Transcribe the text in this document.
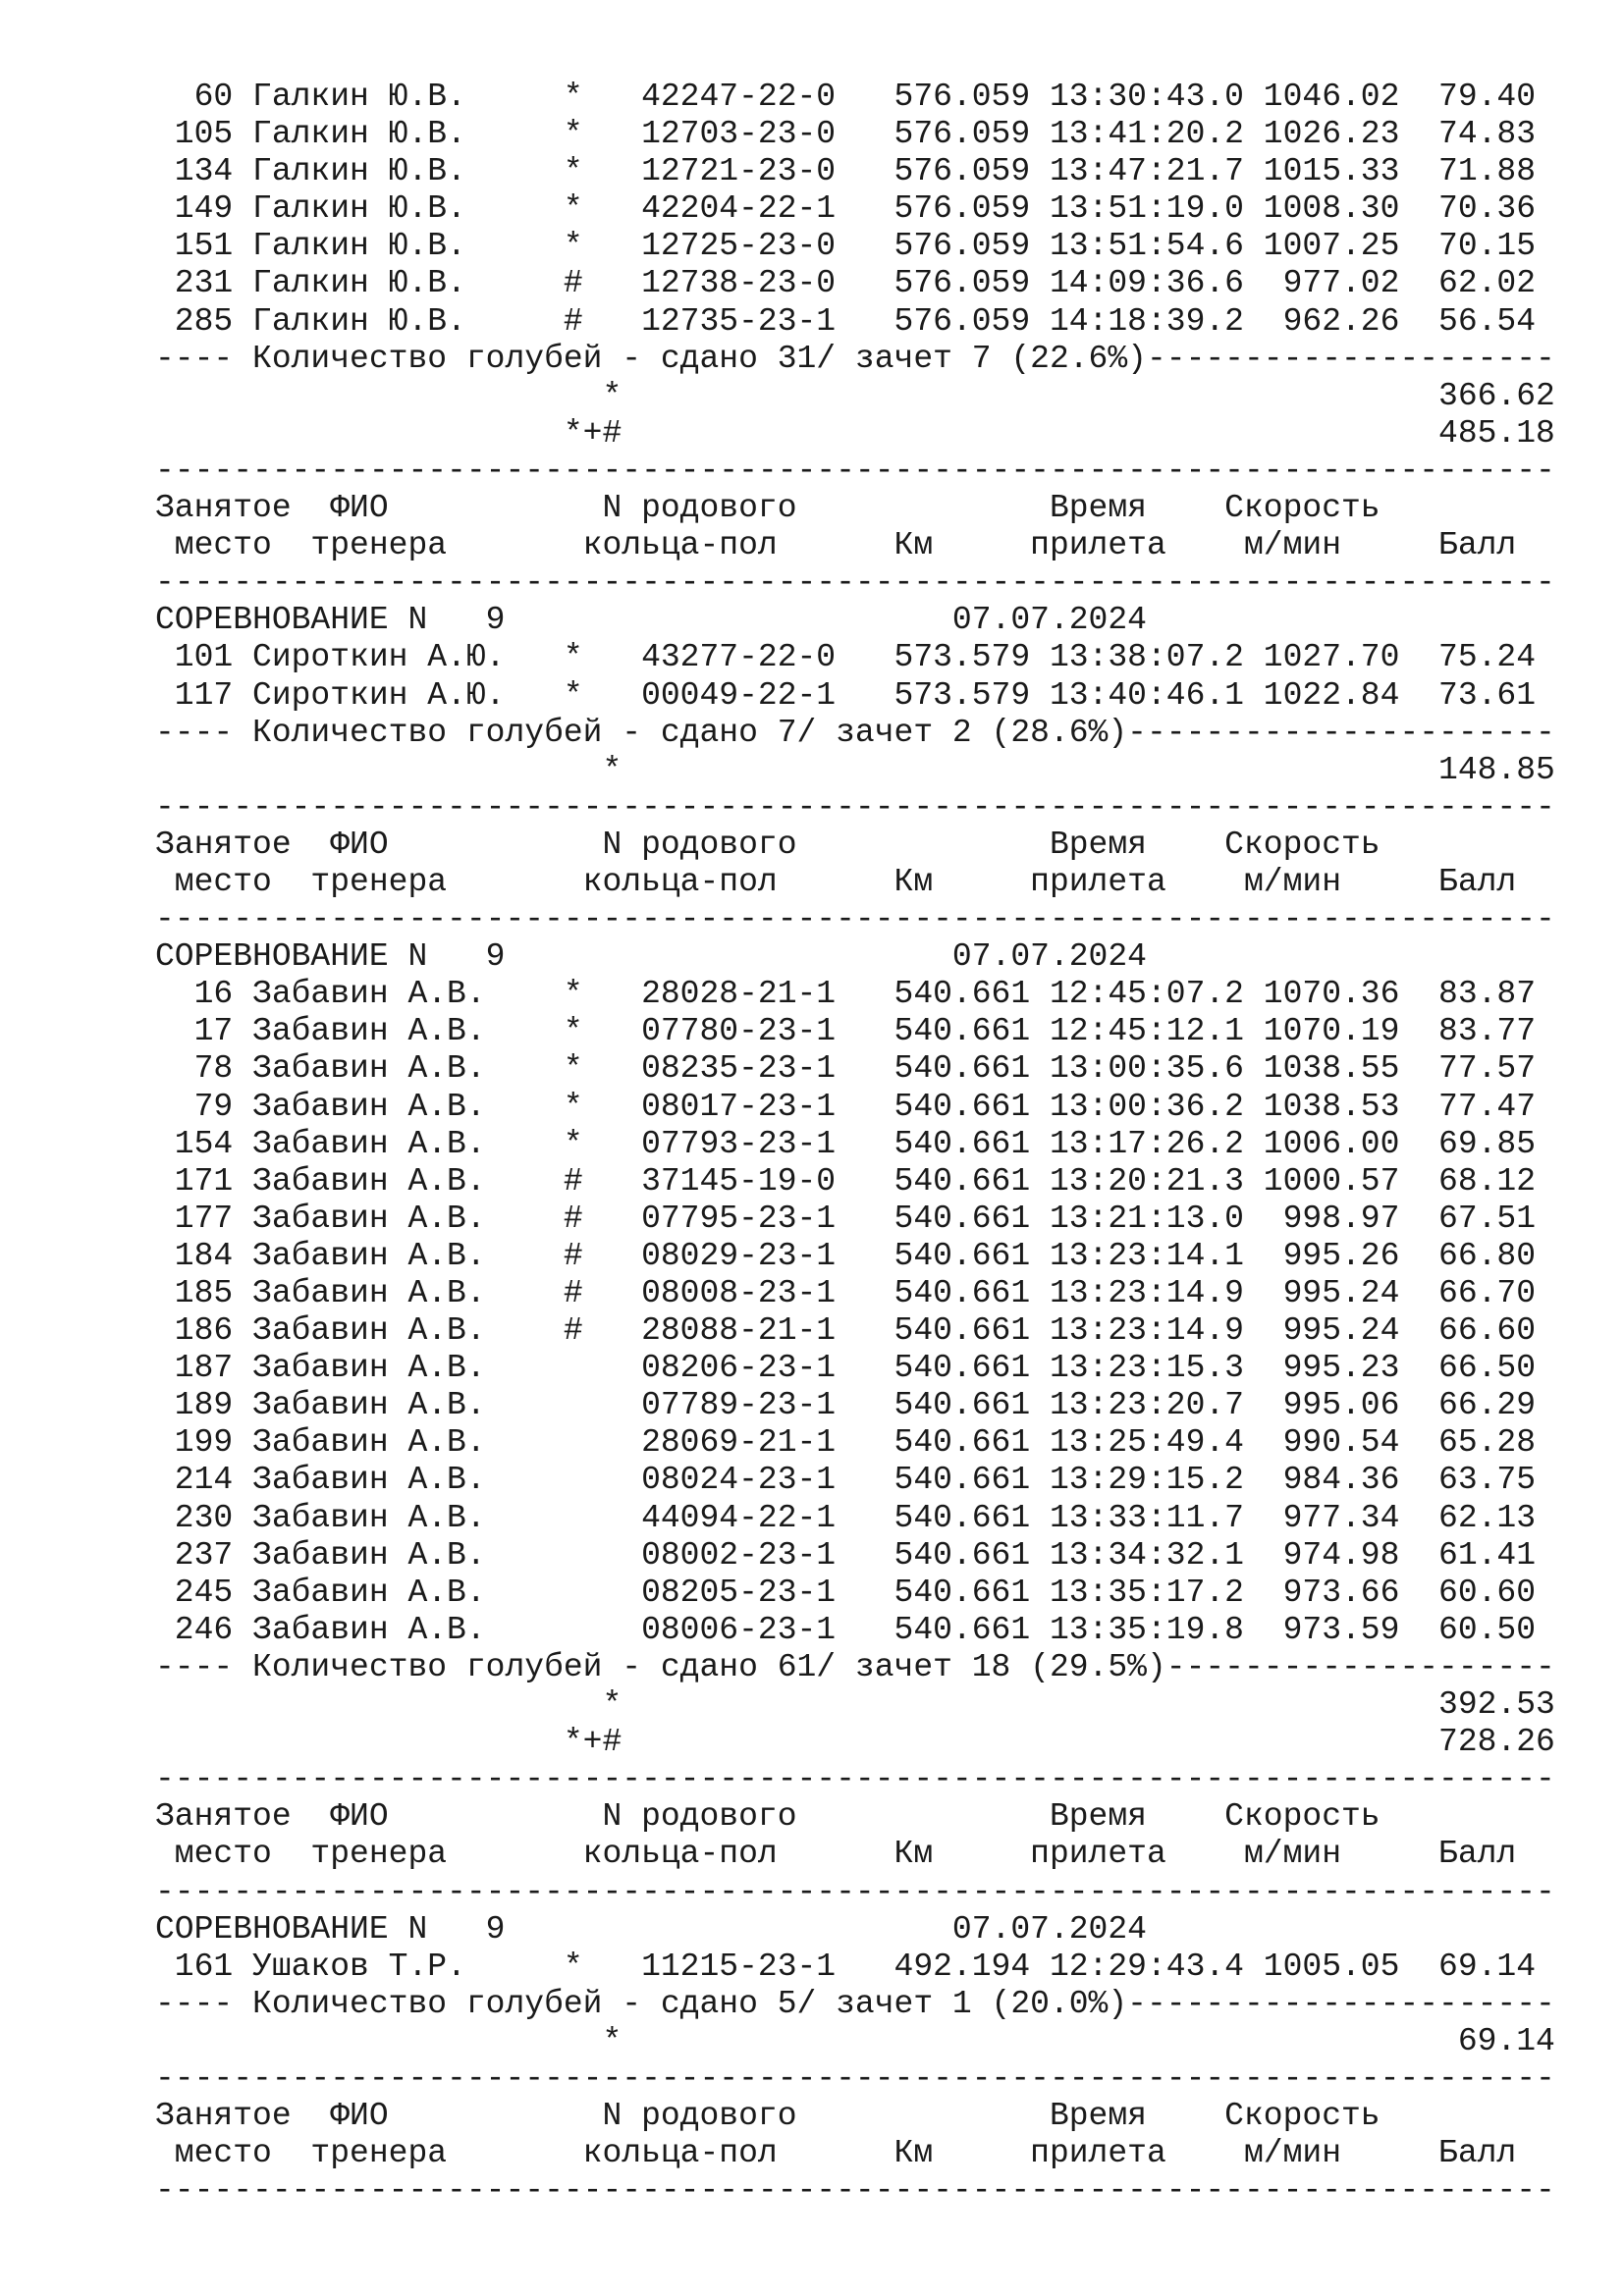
60 Галкин Ю.В.     *   42247-22-0   576.059 13:30:43.0 1046.02  79.40
105 Галкин Ю.В.     *   12703-23-0   576.059 13:41:20.2 1026.23  74.83
134 Галкин Ю.В.     *   12721-23-0   576.059 13:47:21.7 1015.33  71.88
149 Галкин Ю.В.     *   42204-22-1   576.059 13:51:19.0 1008.30  70.36
151 Галкин Ю.В.     *   12725-23-0   576.059 13:51:54.6 1007.25  70.15
231 Галкин Ю.В.     #   12738-23-0   576.059 14:09:36.6  977.02  62.02
285 Галкин Ю.В.     #   12735-23-1   576.059 14:18:39.2  962.26  56.54
---- Количество голубей - сдано 31/ зачет 7 (22.6%)---------------------
*                                          366.62
*+#                                          485.18
------------------------------------------------------------------------
Занятое  ФИО           N родового             Время    Скорость
место  тренера       кольца-пол      Км     прилета    м/мин     Балл
------------------------------------------------------------------------
СОРЕВНОВАНИЕ N   9                       07.07.2024
101 Сироткин А.Ю.   *   43277-22-0   573.579 13:38:07.2 1027.70  75.24
117 Сироткин А.Ю.   *   00049-22-1   573.579 13:40:46.1 1022.84  73.61
---- Количество голубей - сдано 7/ зачет 2 (28.6%)----------------------
*                                          148.85
------------------------------------------------------------------------
Занятое  ФИО           N родового             Время    Скорость
место  тренера       кольца-пол      Км     прилета    м/мин     Балл
------------------------------------------------------------------------
СОРЕВНОВАНИЕ N   9                       07.07.2024
16 Забавин А.В.    *   28028-21-1   540.661 12:45:07.2 1070.36  83.87
17 Забавин А.В.    *   07780-23-1   540.661 12:45:12.1 1070.19  83.77
78 Забавин А.В.    *   08235-23-1   540.661 13:00:35.6 1038.55  77.57
79 Забавин А.В.    *   08017-23-1   540.661 13:00:36.2 1038.53  77.47
154 Забавин А.В.    *   07793-23-1   540.661 13:17:26.2 1006.00  69.85
171 Забавин А.В.    #   37145-19-0   540.661 13:20:21.3 1000.57  68.12
177 Забавин А.В.    #   07795-23-1   540.661 13:21:13.0  998.97  67.51
184 Забавин А.В.    #   08029-23-1   540.661 13:23:14.1  995.26  66.80
185 Забавин А.В.    #   08008-23-1   540.661 13:23:14.9  995.24  66.70
186 Забавин А.В.    #   28088-21-1   540.661 13:23:14.9  995.24  66.60
187 Забавин А.В.        08206-23-1   540.661 13:23:15.3  995.23  66.50
189 Забавин А.В.        07789-23-1   540.661 13:23:20.7  995.06  66.29
199 Забавин А.В.        28069-21-1   540.661 13:25:49.4  990.54  65.28
214 Забавин А.В.        08024-23-1   540.661 13:29:15.2  984.36  63.75
230 Забавин А.В.        44094-22-1   540.661 13:33:11.7  977.34  62.13
237 Забавин А.В.        08002-23-1   540.661 13:34:32.1  974.98  61.41
245 Забавин А.В.        08205-23-1   540.661 13:35:17.2  973.66  60.60
246 Забавин А.В.        08006-23-1   540.661 13:35:19.8  973.59  60.50
---- Количество голубей - сдано 61/ зачет 18 (29.5%)--------------------
*                                          392.53
*+#                                          728.26
------------------------------------------------------------------------
Занятое  ФИО           N родового             Время    Скорость
место  тренера       кольца-пол      Км     прилета    м/мин     Балл
------------------------------------------------------------------------
СОРЕВНОВАНИЕ N   9                       07.07.2024
161 Ушаков Т.Р.     *   11215-23-1   492.194 12:29:43.4 1005.05  69.14
---- Количество голубей - сдано 5/ зачет 1 (20.0%)----------------------
*                                           69.14
------------------------------------------------------------------------
Занятое  ФИО           N родового             Время    Скорость
место  тренера       кольца-пол      Км     прилета    м/мин     Балл
------------------------------------------------------------------------
